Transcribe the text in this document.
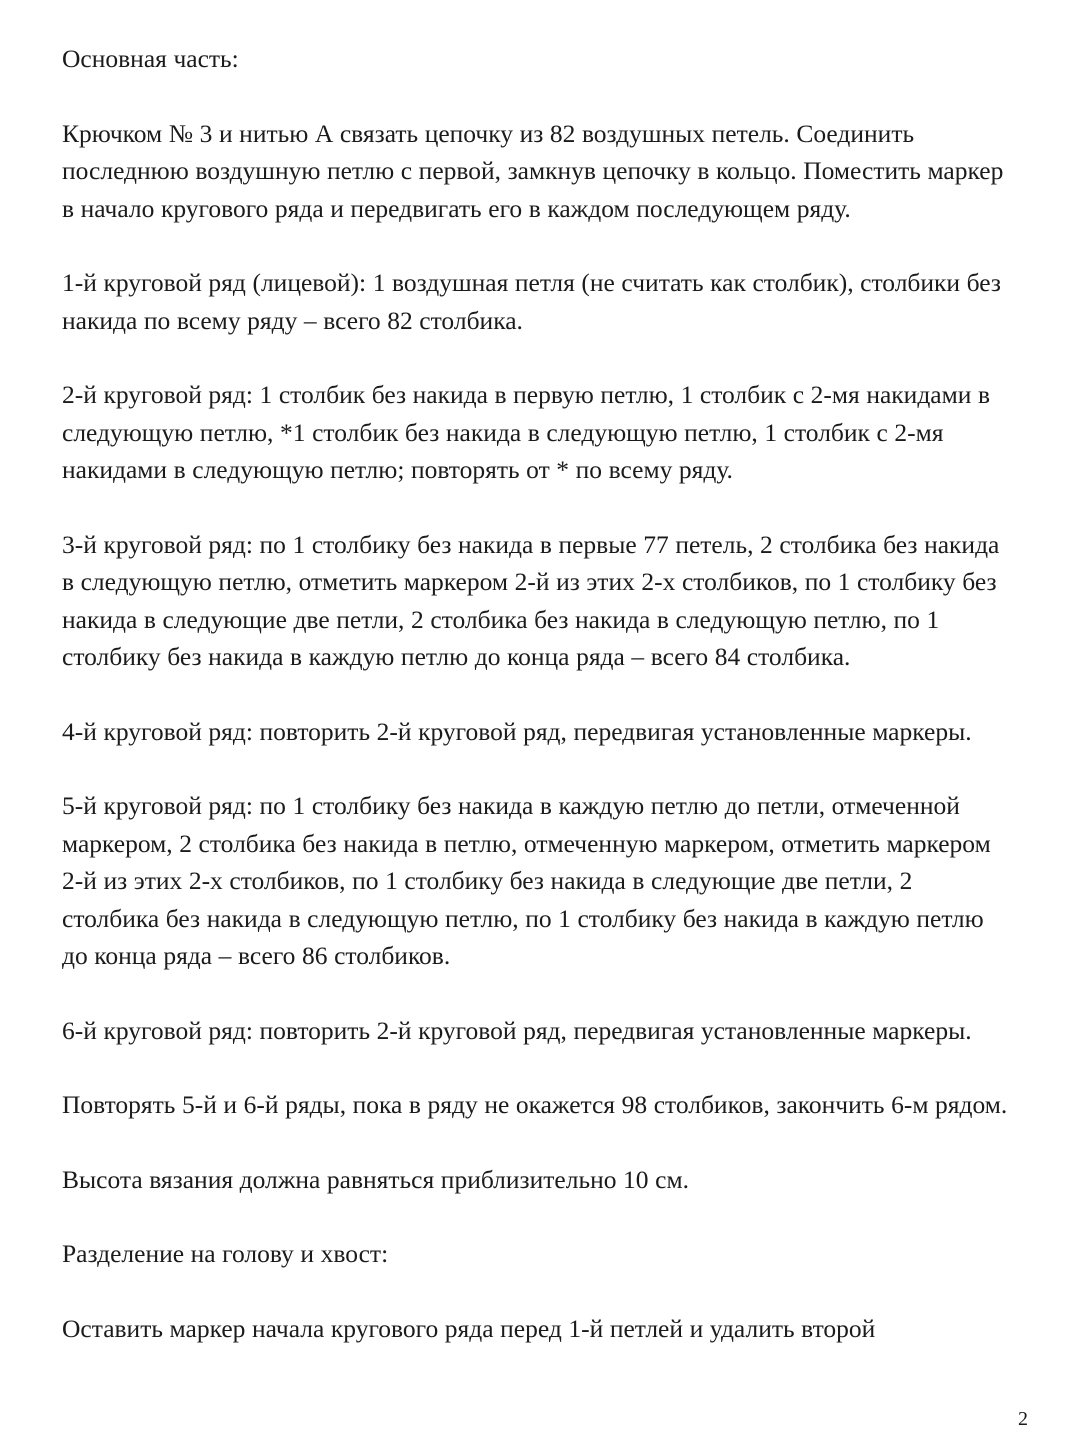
Основная часть:

Крючком № 3 и нитью А связать цепочку из 82 воздушных петель. Соединить последнюю воздушную петлю с первой, замкнув цепочку в кольцо. Поместить маркер в начало кругового ряда и передвигать его в каждом последующем ряду.

1-й круговой ряд (лицевой): 1 воздушная петля (не считать как столбик), столбики без накида по всему ряду – всего 82 столбика.

2-й круговой ряд: 1 столбик без накида в первую петлю, 1 столбик с 2-мя накидами в следующую петлю, *1 столбик без накида в следующую петлю, 1 столбик с 2-мя накидами в следующую петлю; повторять от * по всему ряду.

3-й круговой ряд: по 1 столбику без накида в первые 77 петель, 2 столбика без накида в следующую петлю, отметить маркером 2-й из этих 2-х столбиков, по 1 столбику без накида в следующие две петли, 2 столбика без накида в следующую петлю, по 1 столбику без накида в каждую петлю до конца ряда – всего 84 столбика.

4-й круговой ряд: повторить 2-й круговой ряд, передвигая установленные маркеры.

5-й круговой ряд: по 1 столбику без накида в каждую петлю до петли, отмеченной маркером, 2 столбика без накида в петлю, отмеченную маркером, отметить маркером 2-й из этих 2-х столбиков, по 1 столбику без накида в следующие две петли, 2 столбика без накида в следующую петлю, по 1 столбику без накида в каждую петлю до конца ряда – всего 86 столбиков.

6-й круговой ряд: повторить 2-й круговой ряд, передвигая установленные маркеры.

Повторять 5-й и 6-й ряды, пока в ряду не окажется 98 столбиков, закончить 6-м рядом.

Высота вязания должна равняться приблизительно 10 см.

Разделение на голову и хвост:

Оставить маркер начала кругового ряда перед 1-й петлей и удалить второй

2
